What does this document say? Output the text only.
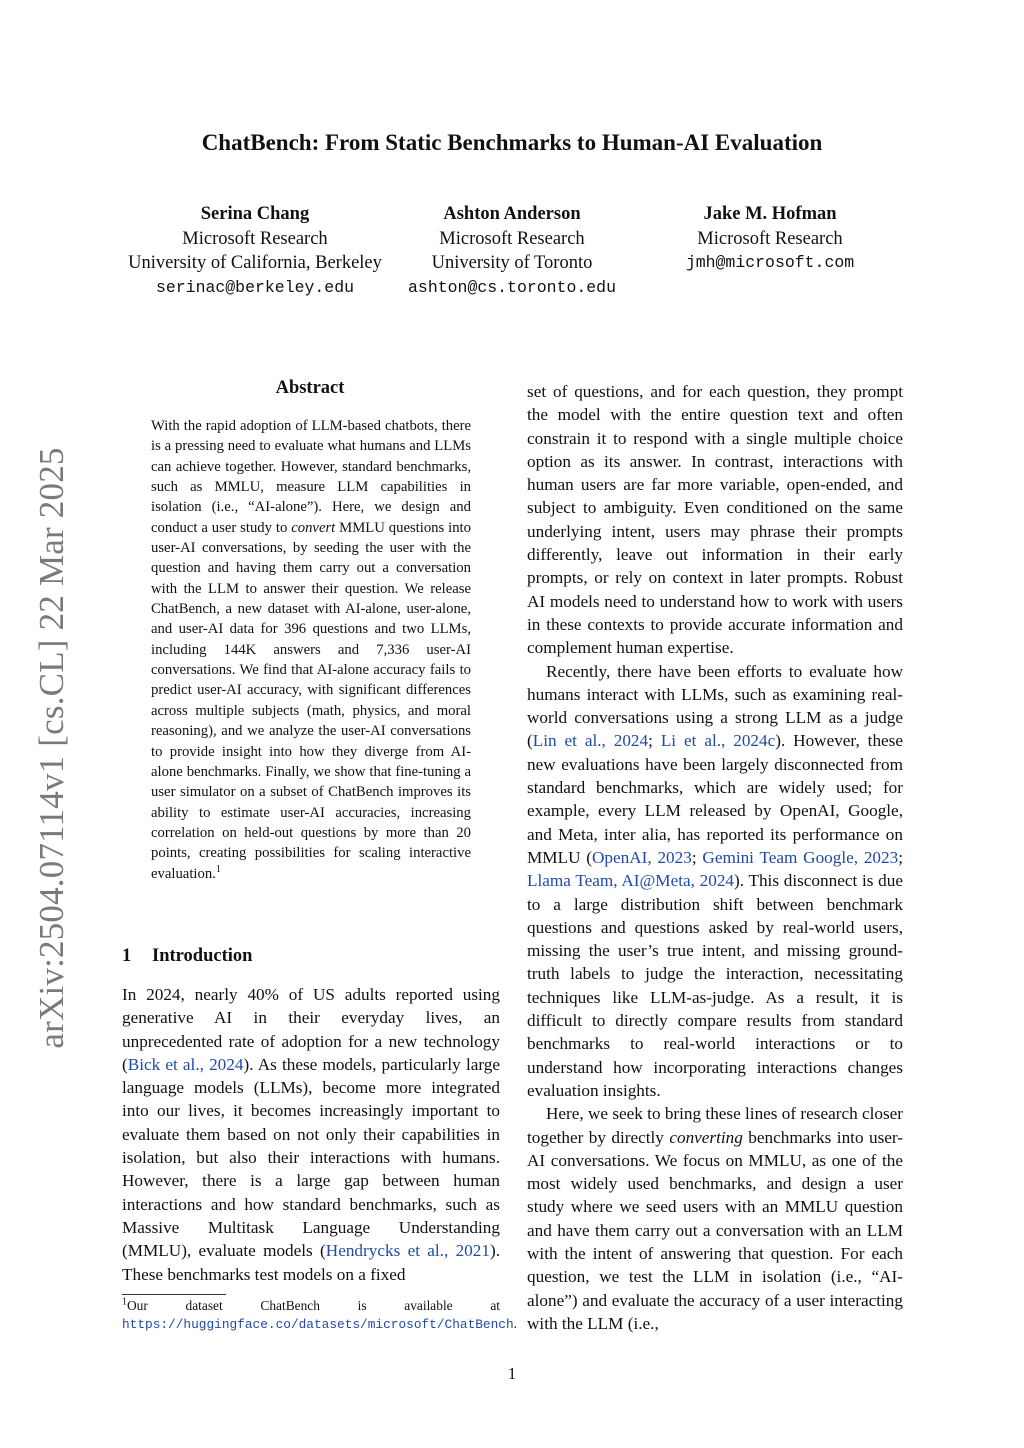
arXiv:2504.07114v1 [cs.CL] 22 Mar 2025
ChatBench: From Static Benchmarks to Human-AI Evaluation
Serina Chang
Microsoft Research
University of California, Berkeley
serinac@berkeley.edu
Ashton Anderson
Microsoft Research
University of Toronto
ashton@cs.toronto.edu
Jake M. Hofman
Microsoft Research
jmh@microsoft.com
Abstract
With the rapid adoption of LLM-based chatbots, there is a pressing need to evaluate what humans and LLMs can achieve together. However, standard benchmarks, such as MMLU, measure LLM capabilities in isolation (i.e., “AI-alone”). Here, we design and conduct a user study to convert MMLU questions into user-AI conversations, by seeding the user with the question and having them carry out a conversation with the LLM to answer their question. We release ChatBench, a new dataset with AI-alone, user-alone, and user-AI data for 396 questions and two LLMs, including 144K answers and 7,336 user-AI conversations. We find that AI-alone accuracy fails to predict user-AI accuracy, with significant differences across multiple subjects (math, physics, and moral reasoning), and we analyze the user-AI conversations to provide insight into how they diverge from AI-alone benchmarks. Finally, we show that fine-tuning a user simulator on a subset of ChatBench improves its ability to estimate user-AI accuracies, increasing correlation on held-out questions by more than 20 points, creating possibilities for scaling interactive evaluation.$^1$
1 Introduction

In 2024, nearly 40% of US adults reported using generative AI in their everyday lives, an unprecedented rate of adoption for a new technology (Bick et al., 2024). As these models, particularly large language models (LLMs), become more integrated into our lives, it becomes increasingly important to evaluate them based on not only their capabilities in isolation, but also their interactions with humans. However, there is a large gap between human interactions and how standard benchmarks, such as Massive Multitask Language Understanding (MMLU), evaluate models (Hendrycks et al., 2021). These benchmarks test models on a fixed

set of questions, and for each question, they prompt the model with the entire question text and often constrain it to respond with a single multiple choice option as its answer. In contrast, interactions with human users are far more variable, open-ended, and subject to ambiguity. Even conditioned on the same underlying intent, users may phrase their prompts differently, leave out information in their early prompts, or rely on context in later prompts. Robust AI models need to understand how to work with users in these contexts to provide accurate information and complement human expertise.

Recently, there have been efforts to evaluate how humans interact with LLMs, such as examining real-world conversations using a strong LLM as a judge (Lin et al., 2024; Li et al., 2024c). However, these new evaluations have been largely disconnected from standard benchmarks, which are widely used; for example, every LLM released by OpenAI, Google, and Meta, inter alia, has reported its performance on MMLU (OpenAI, 2023; Gemini Team Google, 2023; Llama Team, AI@Meta, 2024). This disconnect is due to a large distribution shift between benchmark questions and questions asked by real-world users, missing the user’s true intent, and missing ground-truth labels to judge the interaction, necessitating techniques like LLM-as-judge. As a result, it is difficult to directly compare results from standard benchmarks to real-world interactions or to understand how incorporating interactions changes evaluation insights.

Here, we seek to bring these lines of research closer together by directly converting benchmarks into user-AI conversations. We focus on MMLU, as one of the most widely used benchmarks, and design a user study where we seed users with an MMLU question and have them carry out a conversation with an LLM with the intent of answering that question. For each question, we test the LLM in isolation (i.e., “AI-alone”) and evaluate the accuracy of a user interacting with the LLM (i.e.,

$^1$Our dataset ChatBench is available at https://huggingface.co/datasets/microsoft/ChatBench.
1
